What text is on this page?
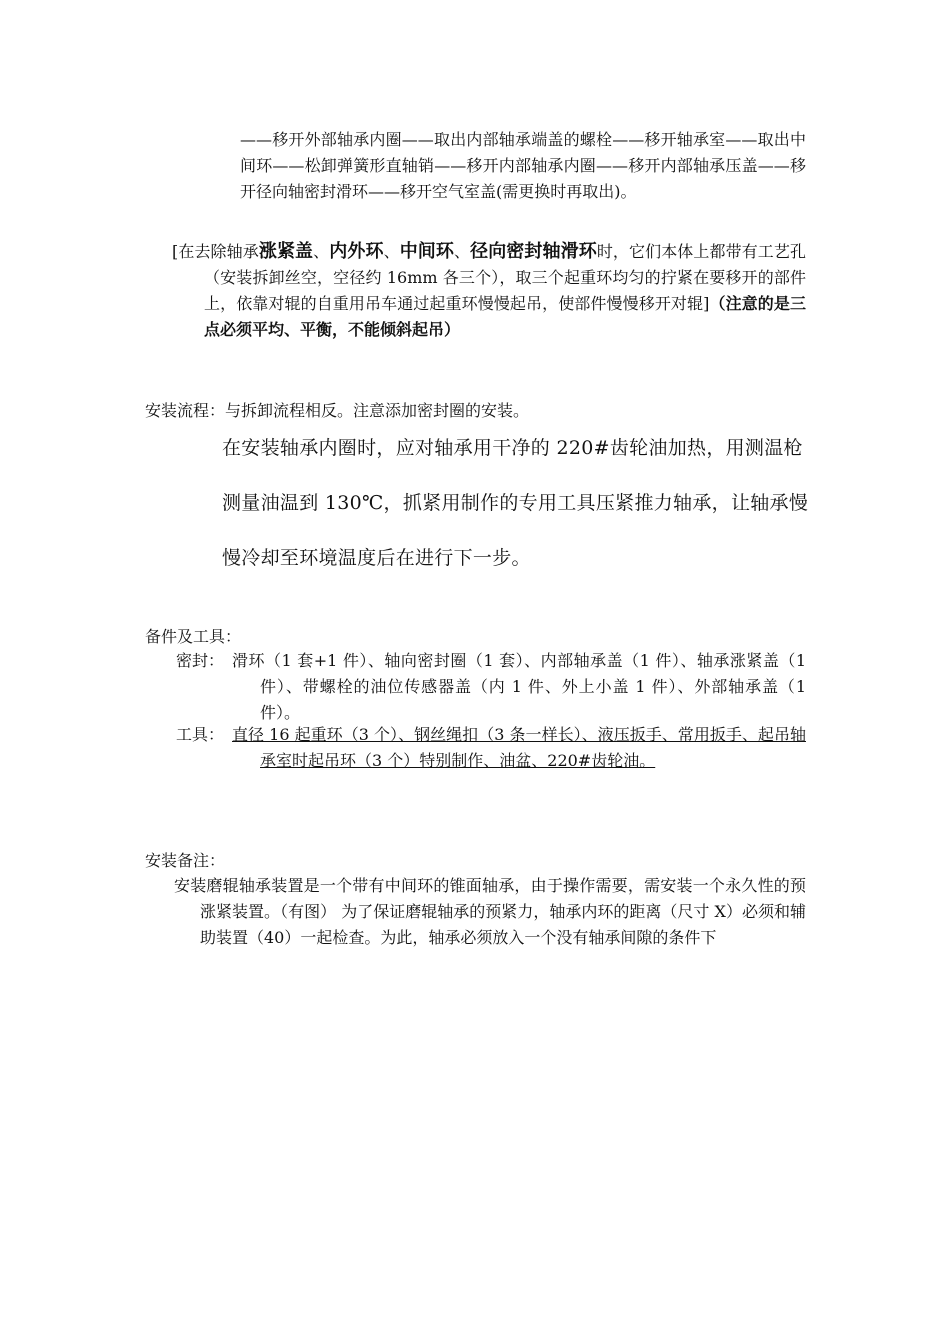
——移开外部轴承内圈——取出内部轴承端盖的螺栓——移开轴承室——取出中间环——松卸弹簧形直轴销——移开内部轴承内圈——移开内部轴承压盖——移开径向轴密封滑环——移开空气室盖(需更换时再取出)。

[在去除轴承涨紧盖、内外环、中间环、径向密封轴滑环时，它们本体上都带有工艺孔（安装拆卸丝空，空径约 16mm 各三个），取三个起重环均匀的拧紧在要移开的部件上，依靠对辊的自重用吊车通过起重环慢慢起吊，使部件慢慢移开对辊]（注意的是三点必须平均、平衡，不能倾斜起吊）

安装流程：与拆卸流程相反。注意添加密封圈的安装。

在安装轴承内圈时，应对轴承用干净的 220#齿轮油加热，用测温枪测量油温到 130℃，抓紧用制作的专用工具压紧推力轴承，让轴承慢慢冷却至环境温度后在进行下一步。

备件及工具：

密封： 滑环（1 套+1 件）、轴向密封圈（1 套）、内部轴承盖（1 件）、轴承涨紧盖（1 件）、带螺栓的油位传感器盖（内 1 件、外上小盖 1 件）、外部轴承盖（1 件）。

工具： 直径 16 起重环（3 个）、钢丝绳扣（3 条一样长）、液压扳手、常用扳手、起吊轴承室时起吊环（3 个）特别制作、油盆、220#齿轮油。

安装备注：

安装磨辊轴承装置是一个带有中间环的锥面轴承，由于操作需要，需安装一个永久性的预涨紧装置。（有图） 为了保证磨辊轴承的预紧力，轴承内环的距离（尺寸 X）必须和辅助装置（40）一起检查。为此，轴承必须放入一个没有轴承间隙的条件下
